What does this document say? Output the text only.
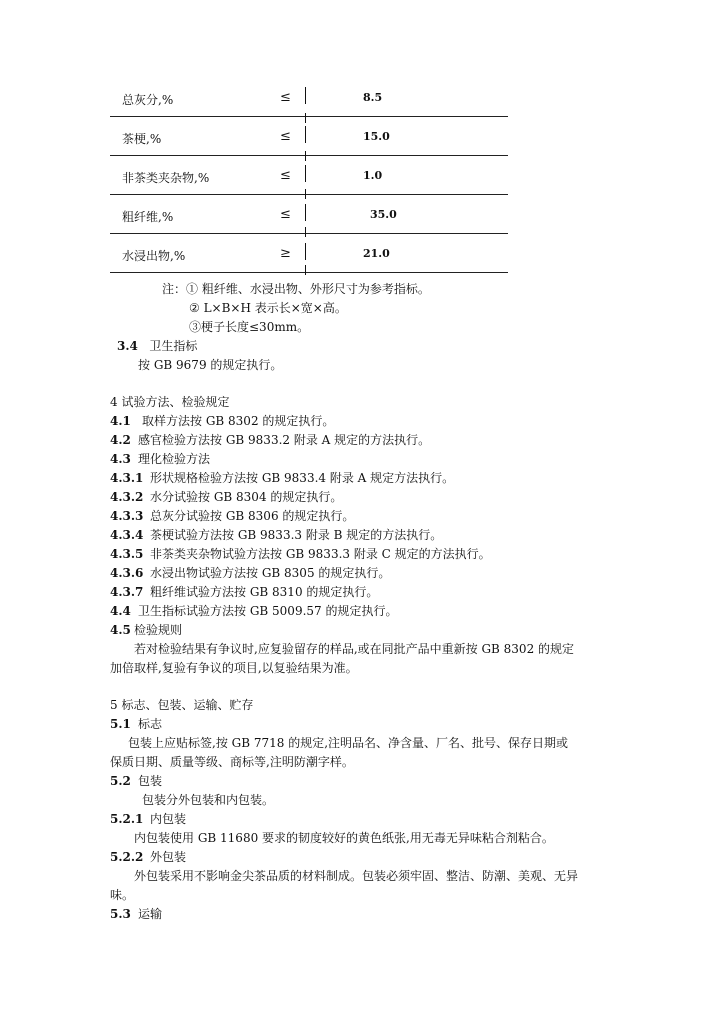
总灰分,%	≤	8.5
茶梗,%	≤	15.0
非茶类夹杂物,%	≤	1.0
粗纤维,%	≤	35.0
水浸出物,%	≥	21.0
注：① 粗纤维、水浸出物、外形尺寸为参考指标。
② L×B×H 表示长×宽×高。
③梗子长度≤30mm。
3.4 卫生指标
按 GB 9679 的规定执行。
4 试验方法、检验规定
4.1 取样方法按 GB 8302 的规定执行。
4.2 感官检验方法按 GB 9833.2 附录 A 规定的方法执行。
4.3 理化检验方法
4.3.1 形状规格检验方法按 GB 9833.4 附录 A 规定方法执行。
4.3.2 水分试验按 GB 8304 的规定执行。
4.3.3 总灰分试验按 GB 8306 的规定执行。
4.3.4 茶梗试验方法按 GB 9833.3 附录 B 规定的方法执行。
4.3.5 非茶类夹杂物试验方法按 GB 9833.3 附录 C 规定的方法执行。
4.3.6 水浸出物试验方法按 GB 8305 的规定执行。
4.3.7 粗纤维试验方法按 GB 8310 的规定执行。
4.4 卫生指标试验方法按 GB 5009.57 的规定执行。
4.5 检验规则
若对检验结果有争议时,应复验留存的样品,或在同批产品中重新按 GB 8302 的规定
加倍取样,复验有争议的项目,以复验结果为准。
5 标志、包装、运输、贮存
5.1 标志
包装上应贴标签,按 GB 7718 的规定,注明品名、净含量、厂名、批号、保存日期或
保质日期、质量等级、商标等,注明防潮字样。
5.2 包装
包装分外包装和内包装。
5.2.1 内包装
内包装使用 GB 11680 要求的韧度较好的黄色纸张,用无毒无异味粘合剂粘合。
5.2.2 外包装
外包装采用不影响金尖茶品质的材料制成。包装必须牢固、整洁、防潮、美观、无异
味。
5.3 运输
